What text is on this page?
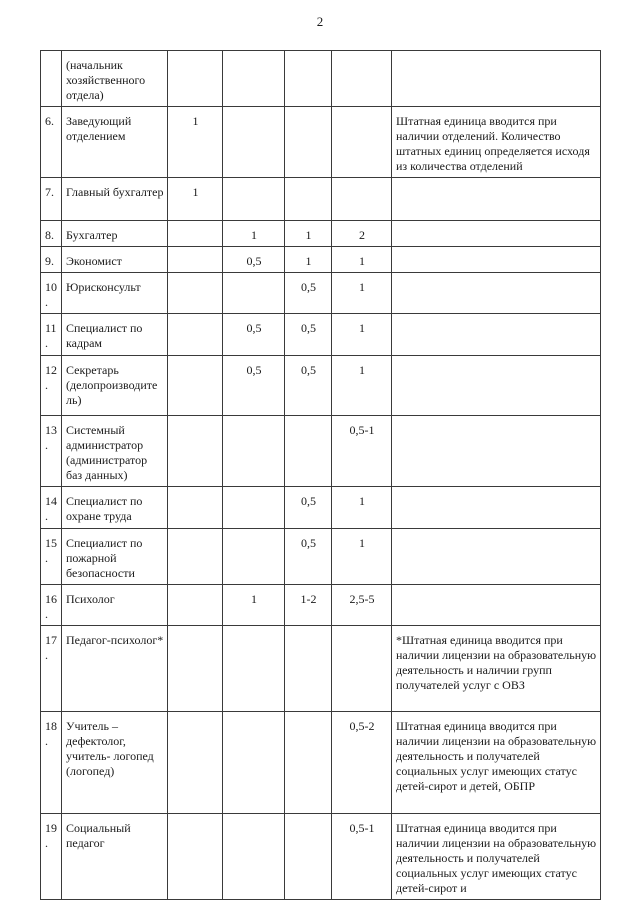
2
	(начальник хозяйственного отдела)					
6.	Заведующий отделением	1				Штатная единица вводится при наличии отделений. Количество штатных единиц определяется исходя из количества отделений
7.	Главный бухгалтер	1				
8.	Бухгалтер		1	1	2	
9.	Экономист		0,5	1	1	
10.	Юрисконсульт			0,5	1	
11.	Специалист по кадрам		0,5	0,5	1	
12.	Секретарь (делопроизводите ль)		0,5	0,5	1	
13.	Системный администратор (администратор баз данных)				0,5-1	
14.	Специалист по охране труда			0,5	1	
15.	Специалист по пожарной безопасности			0,5	1	
16.	Психолог		1	1-2	2,5-5	
17.	Педагог-психолог*					*Штатная единица вводится при наличии лицензии на образовательную деятельность и наличии групп получателей услуг с ОВЗ
18.	Учитель – дефектолог, учитель- логопед (логопед)				0,5-2	Штатная единица вводится при наличии лицензии на образовательную деятельность и получателей социальных услуг имеющих статус детей-сирот и детей, ОБПР
19.	Социальный педагог				0,5-1	Штатная единица вводится при наличии лицензии на образовательную деятельность и получателей социальных услуг имеющих статус детей-сирот и
